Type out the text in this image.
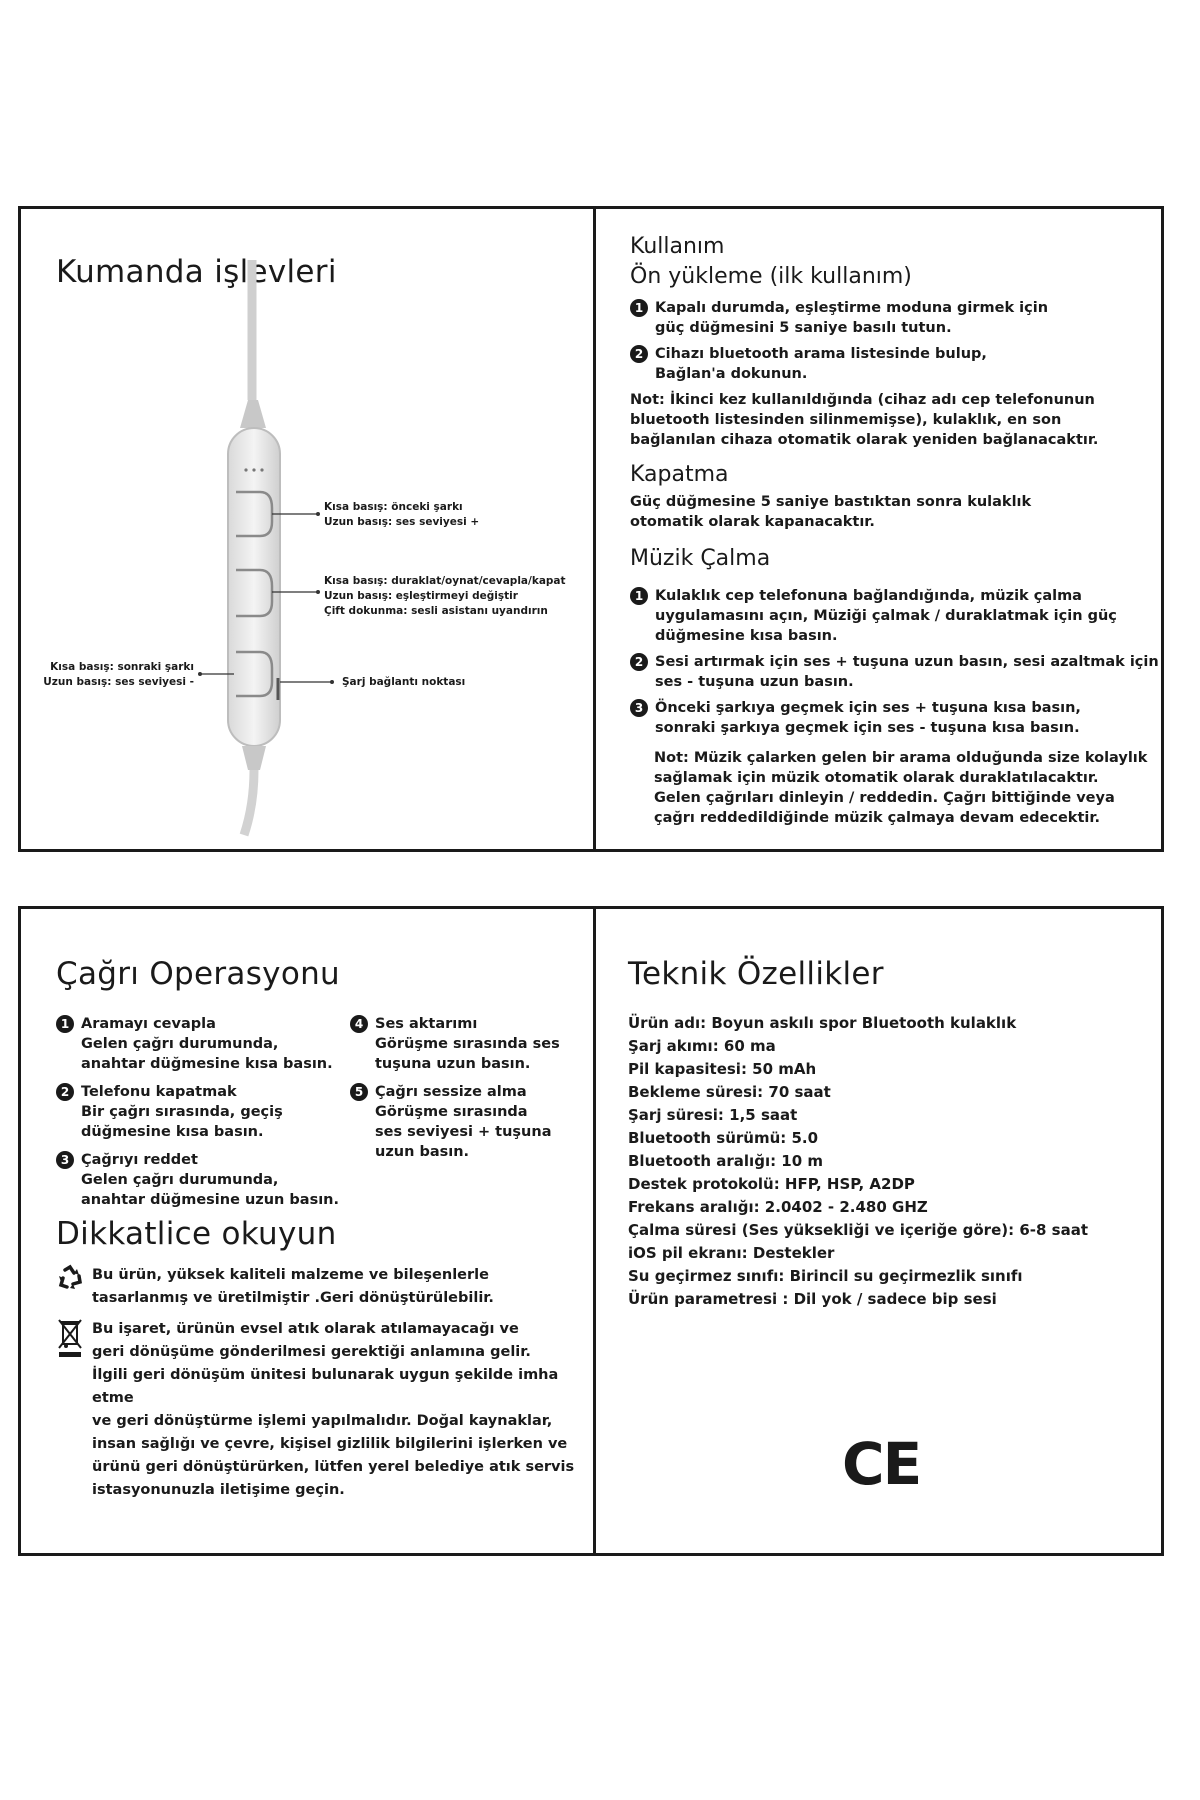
Kumanda işlevleri
Kısa basış: önceki şarkı
Uzun basış: ses seviyesi +
Kısa basış: duraklat/oynat/cevapla/kapat
Uzun basış: eşleştirmeyi değiştir
Çift dokunma: sesli asistanı uyandırın
Kısa basış: sonraki şarkı
Uzun basış: ses seviyesi -	Şarj bağlantı noktası
Kullanım
Ön yükleme (ilk kullanım)
1 Kapalı durumda, eşleştirme moduna girmek için
güç düğmesini 5 saniye basılı tutun.
2 Cihazı bluetooth arama listesinde bulup,
Bağlan'a dokunun.
Not: İkinci kez kullanıldığında (cihaz adı cep telefonunun
bluetooth listesinden silinmemişse), kulaklık, en son
bağlanılan cihaza otomatik olarak yeniden bağlanacaktır.
Kapatma
Güç düğmesine 5 saniye bastıktan sonra kulaklık
otomatik olarak kapanacaktır.
Müzik Çalma
1 Kulaklık cep telefonuna bağlandığında, müzik çalma
uygulamasını açın, Müziği çalmak / duraklatmak için güç
düğmesine kısa basın.
2 Sesi artırmak için ses + tuşuna uzun basın, sesi azaltmak için
ses - tuşuna uzun basın.
3 Önceki şarkıya geçmek için ses + tuşuna kısa basın,
sonraki şarkıya geçmek için ses - tuşuna kısa basın.
Not: Müzik çalarken gelen bir arama olduğunda size kolaylık
sağlamak için müzik otomatik olarak duraklatılacaktır.
Gelen çağrıları dinleyin / reddedin. Çağrı bittiğinde veya
çağrı reddedildiğinde müzik çalmaya devam edecektir.
Çağrı Operasyonu
1 Aramayı cevapla
Gelen çağrı durumunda,
anahtar düğmesine kısa basın.
2 Telefonu kapatmak
Bir çağrı sırasında, geçiş
düğmesine kısa basın.
3 Çağrıyı reddet
Gelen çağrı durumunda,
anahtar düğmesine uzun basın.
4 Ses aktarımı
Görüşme sırasında ses
tuşuna uzun basın.
5 Çağrı sessize alma
Görüşme sırasında
ses seviyesi + tuşuna
uzun basın.
Dikkatlice okuyun
Bu ürün, yüksek kaliteli malzeme ve bileşenlerle
tasarlanmış ve üretilmiştir .Geri dönüştürülebilir.
Bu işaret, ürünün evsel atık olarak atılamayacağı ve
geri dönüşüme gönderilmesi gerektiği anlamına gelir.
İlgili geri dönüşüm ünitesi bulunarak uygun şekilde imha etme
ve geri dönüştürme işlemi yapılmalıdır. Doğal kaynaklar,
insan sağlığı ve çevre, kişisel gizlilik bilgilerini işlerken ve
ürünü geri dönüştürürken, lütfen yerel belediye atık servis
istasyonunuzla iletişime geçin.
Teknik Özellikler
Ürün adı: Boyun askılı spor Bluetooth kulaklık
Şarj akımı: 60 ma
Pil kapasitesi: 50 mAh
Bekleme süresi: 70 saat
Şarj süresi: 1,5 saat
Bluetooth sürümü: 5.0
Bluetooth aralığı: 10 m
Destek protokolü: HFP, HSP, A2DP
Frekans aralığı: 2.0402 - 2.480 GHZ
Çalma süresi (Ses yüksekliği ve içeriğe göre): 6-8 saat
iOS pil ekranı: Destekler
Su geçirmez sınıfı: Birincil su geçirmezlik sınıfı
Ürün parametresi : Dil yok / sadece bip sesi
CE
